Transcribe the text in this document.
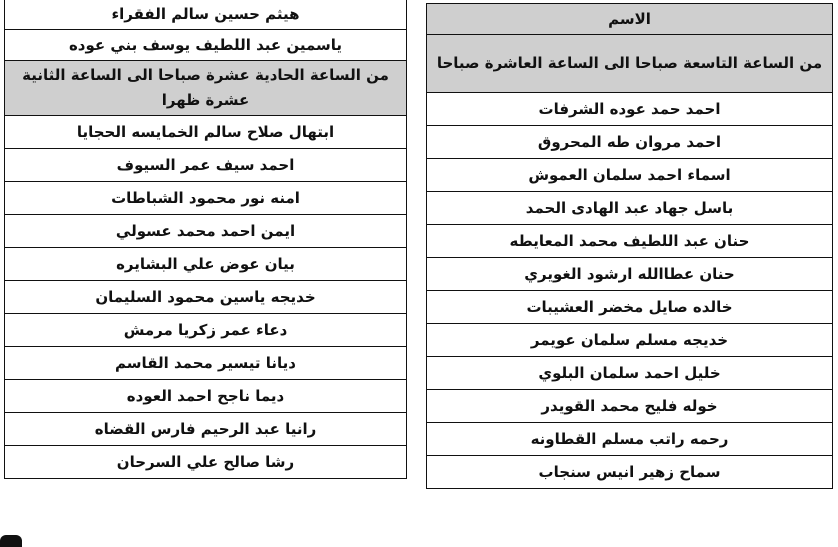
هيثم حسين سالم الفقراء
ياسمين عبد اللطيف يوسف بني عوده
من الساعة الحادية عشرة صباحا الى الساعة الثانية عشرة ظهرا
ابتهال صلاح سالم الخمايسه الحجايا
احمد سيف عمر السيوف
امنه نور محمود الشباطات
ايمن احمد محمد عسولي
بيان عوض علي البشايره
خديجه ياسين محمود السليمان
دعاء عمر زكريا مرمش
ديانا تيسير محمد القاسم
ديما ناجح احمد العوده
رانيا عبد الرحيم فارس القضاه
رشا صالح علي السرحان
الاسم
من الساعة التاسعة صباحا الى الساعة العاشرة صباحا
احمد حمد عوده الشرفات
احمد مروان طه المحروق
اسماء احمد سلمان العموش
باسل جهاد عبد الهادى الحمد
حنان عبد اللطيف محمد المعايطه
حنان عطاالله ارشود الغويري
خالده صايل مخضر العشيبات
خديجه مسلم سلمان عويمر
خليل احمد سلمان البلوي
خوله فليح محمد القويدر
رحمه راتب مسلم القطاونه
سماح زهير انيس سنجاب
